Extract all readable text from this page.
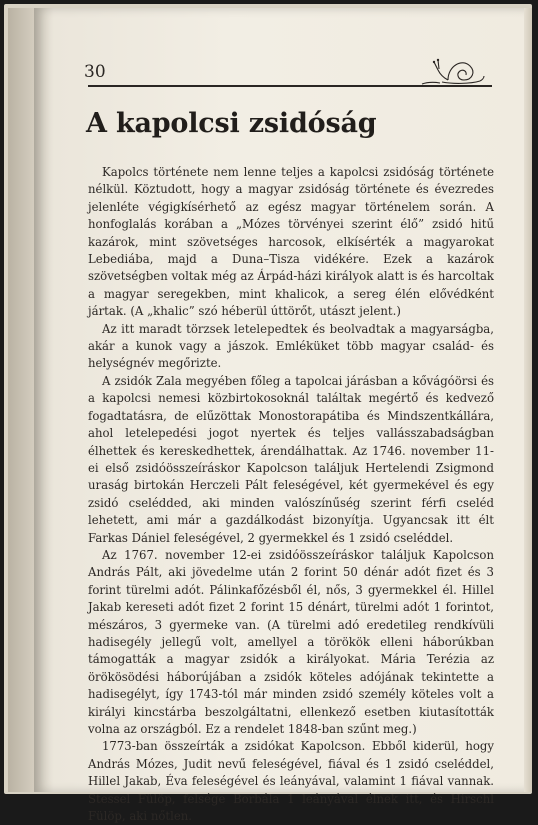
30
A kapolcsi zsidóság

Kapolcs története nem lenne teljes a kapolcsi zsidóság története nélkül. Köztudott, hogy a magyar zsidóság története és évezredes jelenléte végigkísérhető az egész magyar történelem során. A honfoglalás korában a „Mózes törvényei szerint élő” zsidó hitű kazárok, mint szövetséges harcosok, elkísérték a magyarokat Lebediába, majd a Duna–Tisza vidékére. Ezek a kazárok szövetségben voltak még az Árpád-házi királyok alatt is és harcoltak a magyar seregekben, mint khalicok, a sereg élén elővédként jártak. (A „khalic” szó héberül úttörőt, utászt jelent.)

Az itt maradt törzsek letelepedtek és beolvadtak a magyarságba, akár a kunok vagy a jászok. Emléküket több magyar család- és helységnév megőrizte.

A zsidók Zala megyében főleg a tapolcai járásban a kővágóörsi és a kapolcsi nemesi közbirtokosoknál találtak megértő és kedvező fogadtatásra, de elűzöttak Monostorapátiba és Mindszentkállára, ahol letelepedési jogot nyertek és teljes vallásszabadságban élhettek és kereskedhettek, árendálhattak. Az 1746. november 11-ei első zsidóösszeíráskor Kapolcson találjuk Hertelendi Zsigmond uraság birtokán Herczeli Pált feleségével, két gyermekével és egy zsidó cselédded, aki minden valószínűség szerint férfi cseléd lehetett, ami már a gazdálkodást bizonyítja. Ugyancsak itt élt Farkas Dániel feleségével, 2 gyermekkel és 1 zsidó cseléddel.

Az 1767. november 12-ei zsidóösszeíráskor találjuk Kapolcson András Pált, aki jövedelme után 2 forint 50 dénár adót fizet és 3 forint türelmi adót. Pálinkafőzésből él, nős, 3 gyermekkel él. Hillel Jakab kereseti adót fizet 2 forint 15 dénárt, türelmi adót 1 forintot, mészáros, 3 gyermeke van. (A türelmi adó eredetileg rendkívüli hadisegély jellegű volt, amellyel a törökök elleni háborúkban támogatták a magyar zsidók a királyokat. Mária Terézia az örökösödési háborújában a zsidók köteles adójának tekintette a hadisegélyt, így 1743-tól már minden zsidó személy köteles volt a királyi kincstárba beszolgáltatni, ellenkező esetben kiutasították volna az országból. Ez a rendelet 1848-ban szűnt meg.)

1773-ban összeírták a zsidókat Kapolcson. Ebből kiderül, hogy András Mózes, Judit nevű feleségével, fiával és 1 zsidó cseléddel, Hillel Jakab, Éva feleségével és leányával, valamint 1 fiával vannak. Stessel Fülöp, felsége Borbála 1 leányával élnek itt, és Hirschl Fülöp, aki nőtlen.
